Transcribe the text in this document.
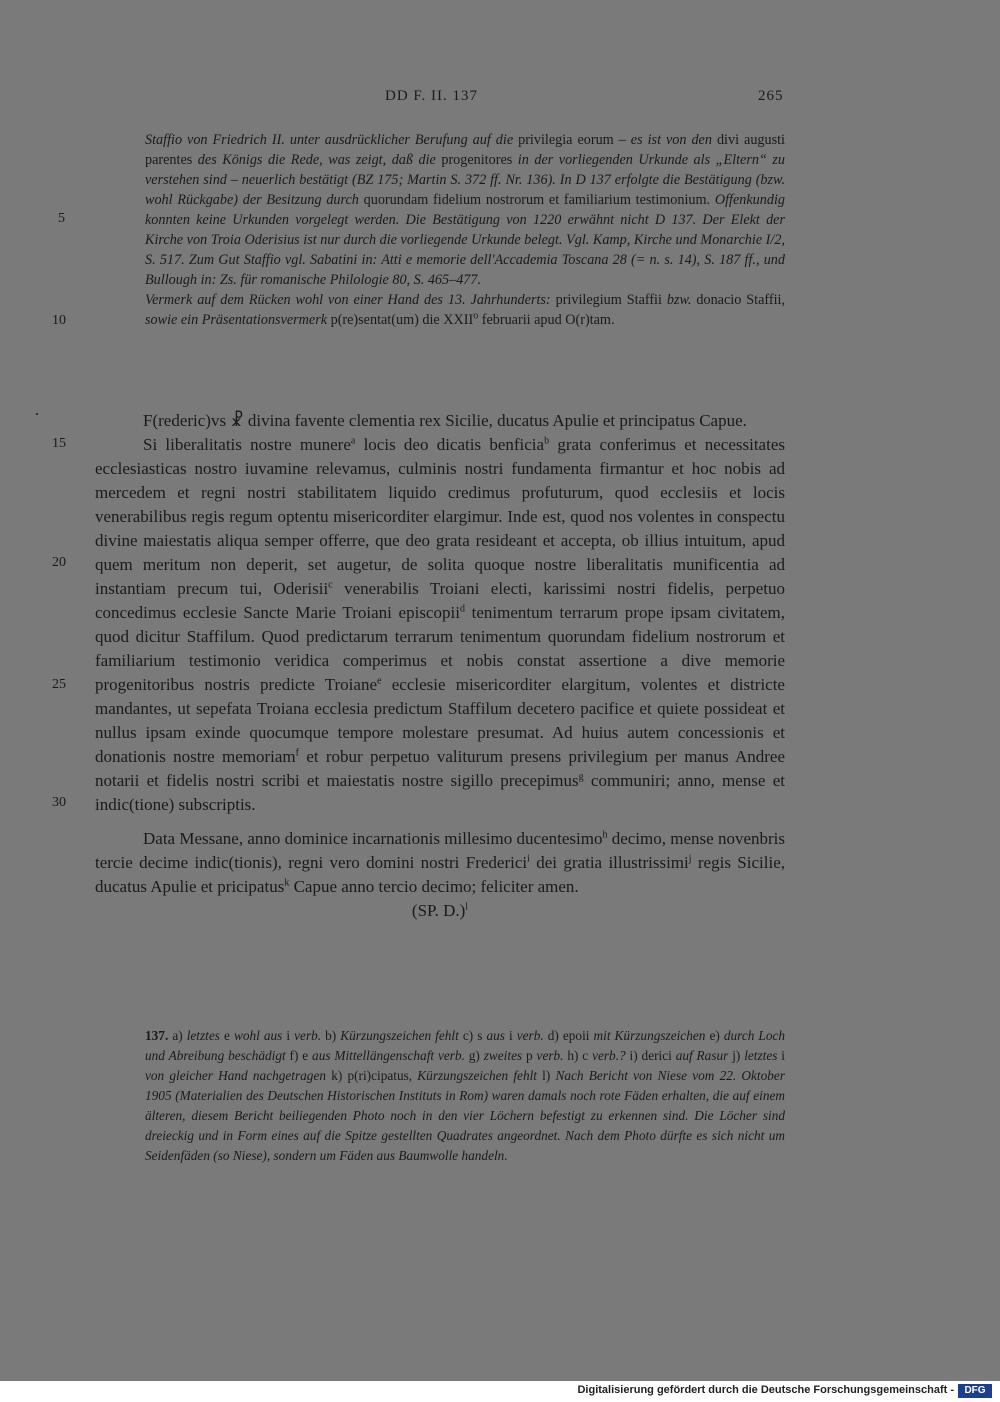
DD F. II. 137	265
5
10
15
20
25
30

Staffio von Friedrich II. unter ausdrücklicher Berufung auf die privilegia eorum – es ist von den divi augusti parentes des Königs die Rede, was zeigt, daß die progenitores in der vorliegenden Urkunde als „Eltern“ zu verstehen sind – neuerlich bestätigt (BZ 175; Martin S. 372 ff. Nr. 136). In D 137 erfolgte die Bestätigung (bzw. wohl Rückgabe) der Besitzung durch quorundam fidelium nostrorum et familiarium testimonium. Offenkundig konnten keine Urkunden vorgelegt werden. Die Bestätigung von 1220 erwähnt nicht D 137. Der Elekt der Kirche von Troia Oderisius ist nur durch die vorliegende Urkunde belegt. Vgl. Kamp, Kirche und Monarchie I/2, S. 517. Zum Gut Staffio vgl. Sabatini in: Atti e memorie dell'Accademia Toscana 28 (= n. s. 14), S. 187 ff., und Bullough in: Zs. für romanische Philologie 80, S. 465–477.

Vermerk auf dem Rücken wohl von einer Hand des 13. Jahrhunderts: privilegium Staffii bzw. donacio Staffii, sowie ein Präsentationsvermerk p(re)sentat(um) die XXII$^o$ februarii apud O(r)tam.

F(rederic)vs ☧ divina favente clementia rex Sicilie, ducatus Apulie et principatus Capue.

Si liberalitatis nostre munere$^a$ locis deo dicatis benficia$^b$ grata conferimus et necessitates ecclesiasticas nostro iuvamine relevamus, culminis nostri fundamenta firmantur et hoc nobis ad mercedem et regni nostri stabilitatem liquido credimus profuturum, quod ecclesiis et locis venerabilibus regis regum optentu misericorditer elargimur. Inde est, quod nos volentes in conspectu divine maiestatis aliqua semper offerre, que deo grata resideant et accepta, ob illius intuitum, apud quem meritum non deperit, set augetur, de solita quoque nostre liberalitatis munificentia ad instantiam precum tui, Oderisii$^c$ venerabilis Troiani electi, karissimi nostri fidelis, perpetuo concedimus ecclesie Sancte Marie Troiani episcopii$^d$ tenimentum terrarum prope ipsam civitatem, quod dicitur Staffilum. Quod predictarum terrarum tenimentum quorundam fidelium nostrorum et familiarium testimonio veridica comperimus et nobis constat assertione a dive memorie progenitoribus nostris predicte Troiane$^e$ ecclesie misericorditer elargitum, volentes et districte mandantes, ut sepefata Troiana ecclesia predictum Staffilum decetero pacifice et quiete possideat et nullus ipsam exinde quocumque tempore molestare presumat. Ad huius autem concessionis et donationis nostre memoriam$^f$ et robur perpetuo valiturum presens privilegium per manus Andree notarii et fidelis nostri scribi et maiestatis nostre sigillo precepimus$^g$ communiri; anno, mense et indic(tione) subscriptis.

Data Messane, anno dominice incarnationis millesimo ducentesimo$^h$ decimo, mense novenbris tercie decime indic(tionis), regni vero domini nostri Frederici$^i$ dei gratia illustrissimi$^j$ regis Sicilie, ducatus Apulie et pricipatus$^k$ Capue anno tercio decimo; feliciter amen.

(SP. D.)$^l$

137. a) letztes e wohl aus i verb. b) Kürzungszeichen fehlt c) s aus i verb. d) epoii mit Kürzungszeichen e) durch Loch und Abreibung beschädigt f) e aus Mittellängenschaft verb. g) zweites p verb. h) c verb.? i) derici auf Rasur j) letztes i von gleicher Hand nachgetragen k) p(ri)cipatus, Kürzungszeichen fehlt l) Nach Bericht von Niese vom 22. Oktober 1905 (Materialien des Deutschen Historischen Instituts in Rom) waren damals noch rote Fäden erhalten, die auf einem älteren, diesem Bericht beiliegenden Photo noch in den vier Löchern befestigt zu erkennen sind. Die Löcher sind dreieckig und in Form eines auf die Spitze gestellten Quadrates angeordnet. Nach dem Photo dürfte es sich nicht um Seidenfäden (so Niese), sondern um Fäden aus Baumwolle handeln.

Digitalisierung gefördert durch die Deutsche Forschungsgemeinschaft -	DFG
